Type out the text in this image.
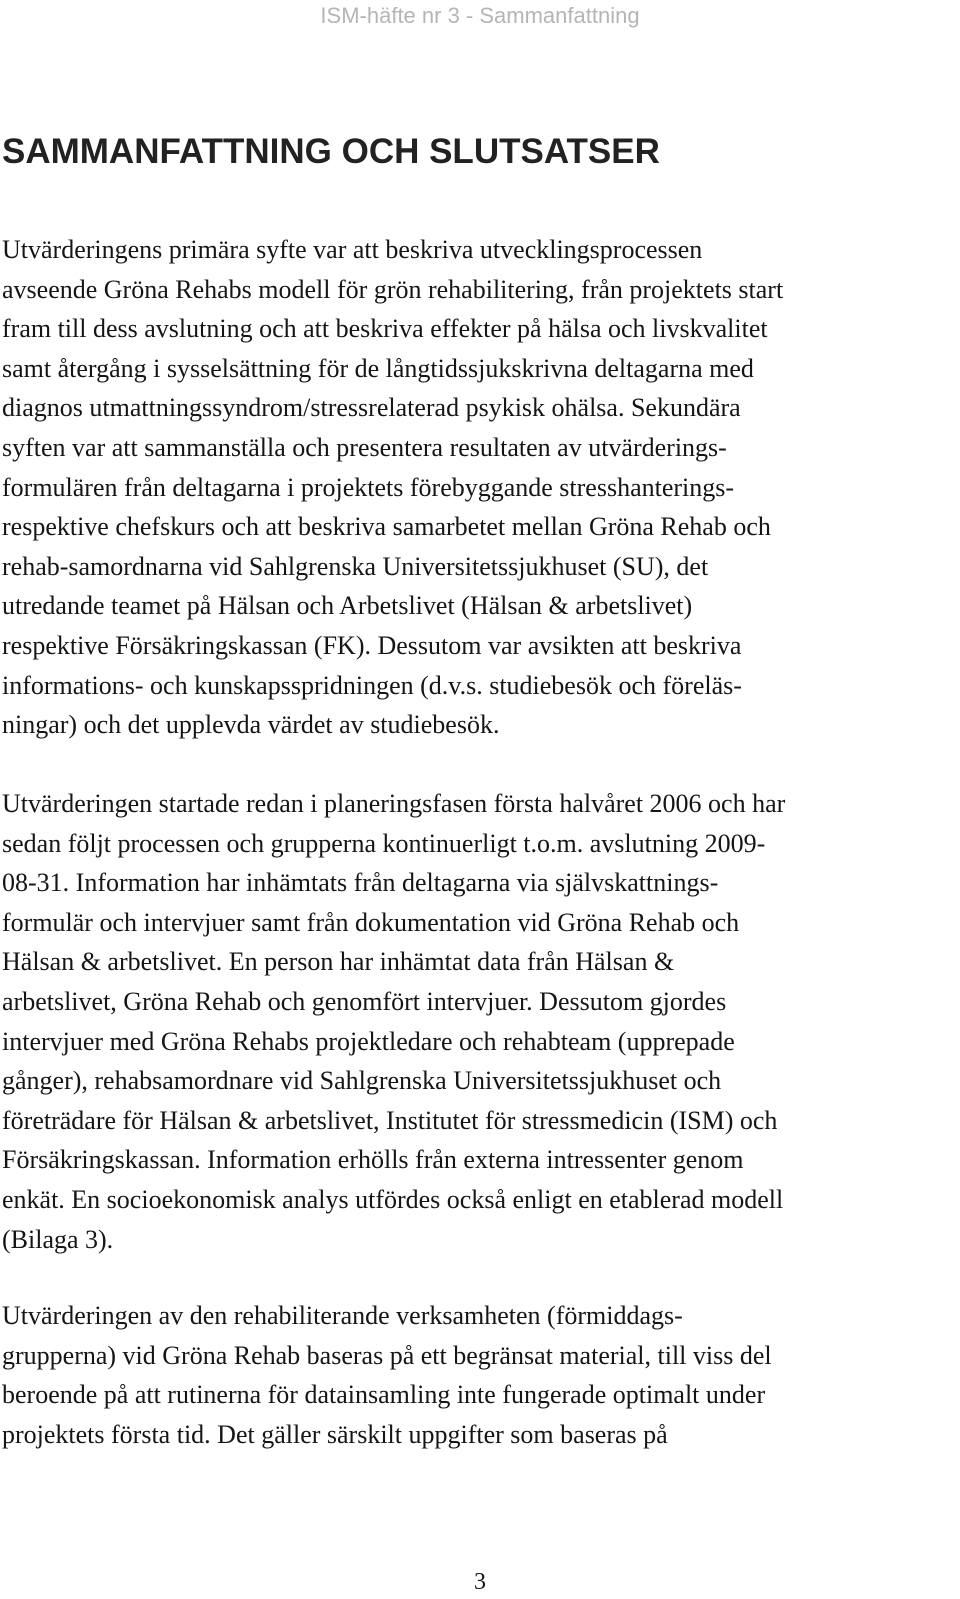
ISM-häfte nr 3 - Sammanfattning
SAMMANFATTNING OCH SLUTSATSER
Utvärderingens primära syfte var att beskriva utvecklingsprocessen
avseende Gröna Rehabs modell för grön rehabilitering, från projektets start
fram till dess avslutning och att beskriva effekter på hälsa och livskvalitet
samt återgång i sysselsättning för de långtidssjukskrivna deltagarna med
diagnos utmattningssyndrom/stressrelaterad psykisk ohälsa. Sekundära
syften var att sammanställa och presentera resultaten av utvärderings-
formulären från deltagarna i projektets förebyggande stresshanterings-
respektive chefskurs och att beskriva samarbetet mellan Gröna Rehab och
rehab-samordnarna vid Sahlgrenska Universitetssjukhuset (SU), det
utredande teamet på Hälsan och Arbetslivet (Hälsan & arbetslivet)
respektive Försäkringskassan (FK). Dessutom var avsikten att beskriva
informations- och kunskapsspridningen (d.v.s. studiebesök och föreläs-
ningar) och det upplevda värdet av studiebesök.
Utvärderingen startade redan i planeringsfasen första halvåret 2006 och har
sedan följt processen och grupperna kontinuerligt t.o.m. avslutning 2009-
08-31. Information har inhämtats från deltagarna via självskattnings-
formulär och intervjuer samt från dokumentation vid Gröna Rehab och
Hälsan & arbetslivet. En person har inhämtat data från Hälsan &
arbetslivet, Gröna Rehab och genomfört intervjuer. Dessutom gjordes
intervjuer med Gröna Rehabs projektledare och rehabteam (upprepade
gånger), rehabsamordnare vid Sahlgrenska Universitetssjukhuset och
företrädare för Hälsan & arbetslivet, Institutet för stressmedicin (ISM) och
Försäkringskassan. Information erhölls från externa intressenter genom
enkät. En socioekonomisk analys utfördes också enligt en etablerad modell
(Bilaga 3).
Utvärderingen av den rehabiliterande verksamheten (förmiddags-
grupperna) vid Gröna Rehab baseras på ett begränsat material, till viss del
beroende på att rutinerna för datainsamling inte fungerade optimalt under
projektets första tid. Det gäller särskilt uppgifter som baseras på
3
